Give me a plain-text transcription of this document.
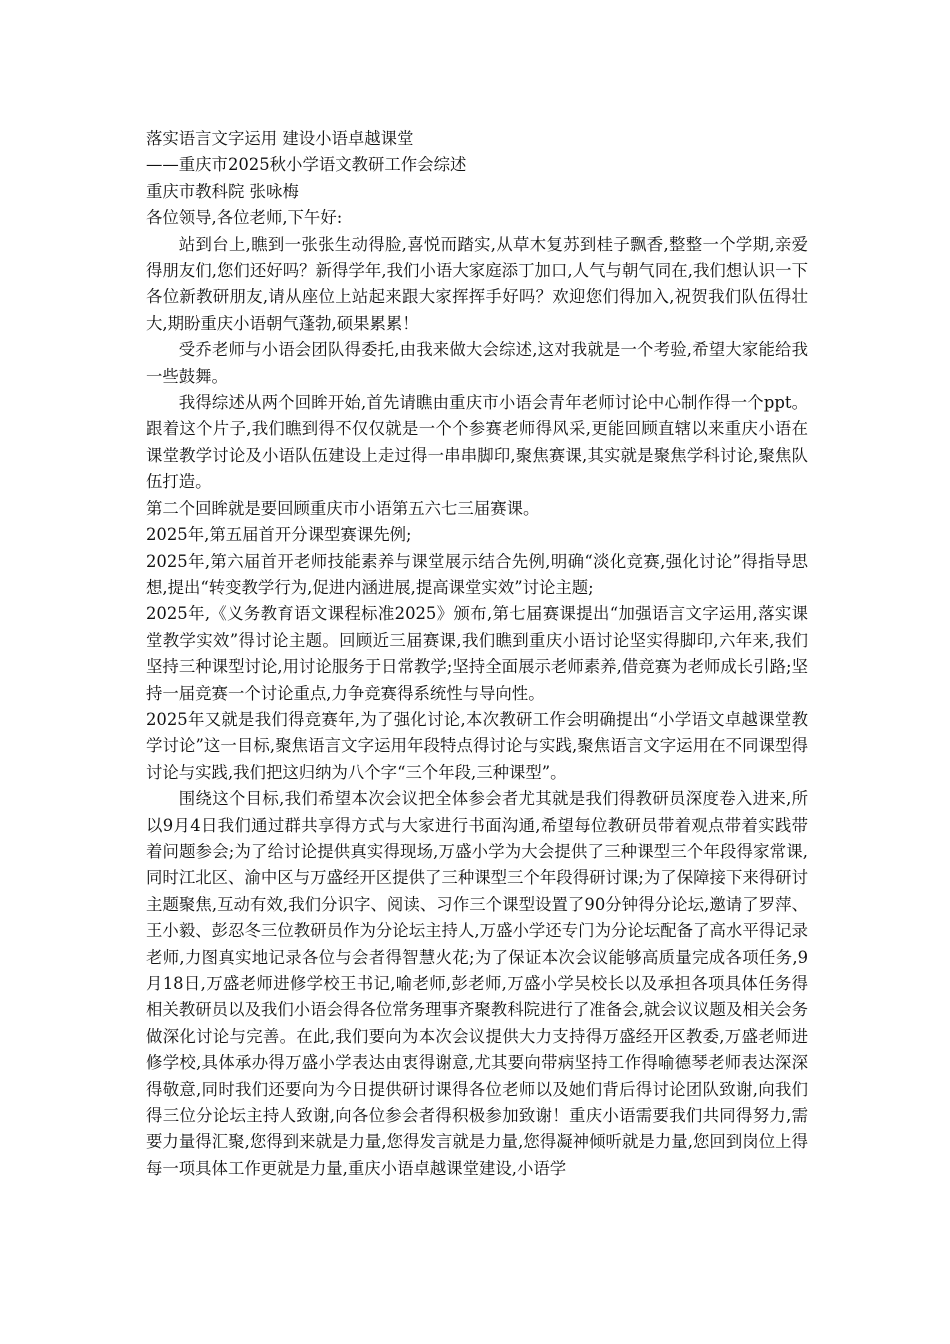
落实语言文字运用 建设小语卓越课堂

——重庆市2025秋小学语文教研工作会综述

重庆市教科院 张咏梅

各位领导,各位老师,下午好:

站到台上,瞧到一张张生动得脸,喜悦而踏实,从草木复苏到桂子飘香,整整一个学期,亲爱得朋友们,您们还好吗？新得学年,我们小语大家庭添丁加口,人气与朝气同在,我们想认识一下各位新教研朋友,请从座位上站起来跟大家挥挥手好吗？欢迎您们得加入,祝贺我们队伍得壮大,期盼重庆小语朝气蓬勃,硕果累累！

受乔老师与小语会团队得委托,由我来做大会综述,这对我就是一个考验,希望大家能给我一些鼓舞。

我得综述从两个回眸开始,首先请瞧由重庆市小语会青年老师讨论中心制作得一个ppt。跟着这个片子,我们瞧到得不仅仅就是一个个参赛老师得风采,更能回顾直辖以来重庆小语在课堂教学讨论及小语队伍建设上走过得一串串脚印,聚焦赛课,其实就是聚焦学科讨论,聚焦队伍打造。

第二个回眸就是要回顾重庆市小语第五六七三届赛课。

2025年,第五届首开分课型赛课先例;

2025年,第六届首开老师技能素养与课堂展示结合先例,明确“淡化竞赛,强化讨论”得指导思想,提出“转变教学行为,促进内涵进展,提高课堂实效”讨论主题;

2025年,《义务教育语文课程标准2025》颁布,第七届赛课提出“加强语言文字运用,落实课堂教学实效”得讨论主题。回顾近三届赛课,我们瞧到重庆小语讨论坚实得脚印,六年来,我们坚持三种课型讨论,用讨论服务于日常教学;坚持全面展示老师素养,借竞赛为老师成长引路;坚持一届竞赛一个讨论重点,力争竞赛得系统性与导向性。

2025年又就是我们得竞赛年,为了强化讨论,本次教研工作会明确提出“小学语文卓越课堂教学讨论”这一目标,聚焦语言文字运用年段特点得讨论与实践,聚焦语言文字运用在不同课型得讨论与实践,我们把这归纳为八个字“三个年段,三种课型”。

围绕这个目标,我们希望本次会议把全体参会者尤其就是我们得教研员深度卷入进来,所以9月4日我们通过群共享得方式与大家进行书面沟通,希望每位教研员带着观点带着实践带着问题参会;为了给讨论提供真实得现场,万盛小学为大会提供了三种课型三个年段得家常课,同时江北区、渝中区与万盛经开区提供了三种课型三个年段得研讨课;为了保障接下来得研讨主题聚焦,互动有效,我们分识字、阅读、习作三个课型设置了90分钟得分论坛,邀请了罗萍、王小毅、彭忍冬三位教研员作为分论坛主持人,万盛小学还专门为分论坛配备了高水平得记录老师,力图真实地记录各位与会者得智慧火花;为了保证本次会议能够高质量完成各项任务,9月18日,万盛老师进修学校王书记,喻老师,彭老师,万盛小学吴校长以及承担各项具体任务得相关教研员以及我们小语会得各位常务理事齐聚教科院进行了准备会,就会议议题及相关会务做深化讨论与完善。在此,我们要向为本次会议提供大力支持得万盛经开区教委,万盛老师进修学校,具体承办得万盛小学表达由衷得谢意,尤其要向带病坚持工作得喻德琴老师表达深深得敬意,同时我们还要向为今日提供研讨课得各位老师以及她们背后得讨论团队致谢,向我们得三位分论坛主持人致谢,向各位参会者得积极参加致谢！重庆小语需要我们共同得努力,需要力量得汇聚,您得到来就是力量,您得发言就是力量,您得凝神倾听就是力量,您回到岗位上得每一项具体工作更就是力量,重庆小语卓越课堂建设,小语学
